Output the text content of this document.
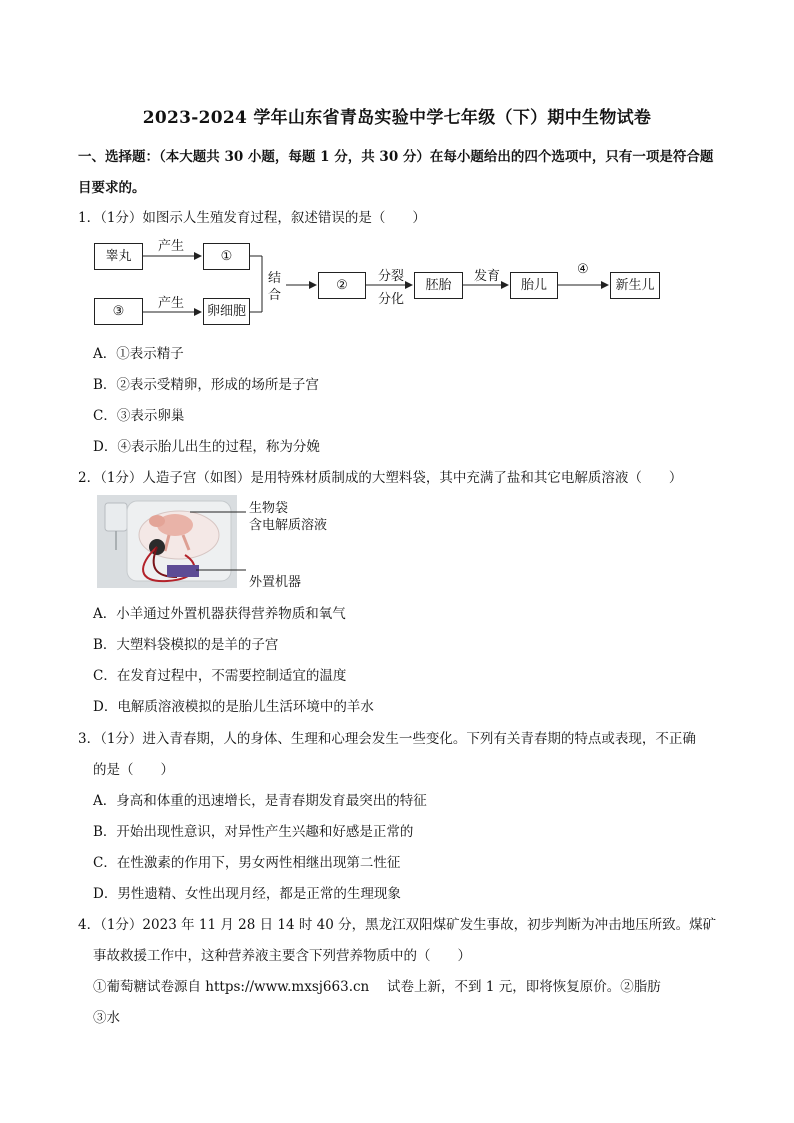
2023-2024 学年山东省青岛实验中学七年级（下）期中生物试卷
一、选择题：（本大题共 30 小题，每题 1 分，共 30 分）在每小题给出的四个选项中，只有一项是符合题
目要求的。
1．（1分）如图示人生殖发育过程，叙述错误的是（　　）
睾丸
产生
①
③
产生
卵细胞
结
合
②
分裂
分化
胚胎
发育
胎儿
④
新生儿
A．①表示精子
B．②表示受精卵，形成的场所是子宫
C．③表示卵巢
D．④表示胎儿出生的过程，称为分娩
2．（1分）人造子宫（如图）是用特殊材质制成的大塑料袋，其中充满了盐和其它电解质溶液（　　）
生物袋
含电解质溶液
外置机器
A．小羊通过外置机器获得营养物质和氧气
B．大塑料袋模拟的是羊的子宫
C．在发育过程中，不需要控制适宜的温度
D．电解质溶液模拟的是胎儿生活环境中的羊水
3．（1分）进入青春期，人的身体、生理和心理会发生一些变化。下列有关青春期的特点或表现，不正确
的是（　　）
A．身高和体重的迅速增长，是青春期发育最突出的特征
B．开始出现性意识，对异性产生兴趣和好感是正常的
C．在性激素的作用下，男女两性相继出现第二性征
D．男性遗精、女性出现月经，都是正常的生理现象
4．（1分）2023 年 11 月 28 日 14 时 40 分，黑龙江双阳煤矿发生事故，初步判断为冲击地压所致。煤矿
事故救援工作中，这种营养液主要含下列营养物质中的（　　）
①葡萄糖试卷源自 https://www.mxsj663.cn　 试卷上新，不到 1 元，即将恢复原价。②脂肪
③水
